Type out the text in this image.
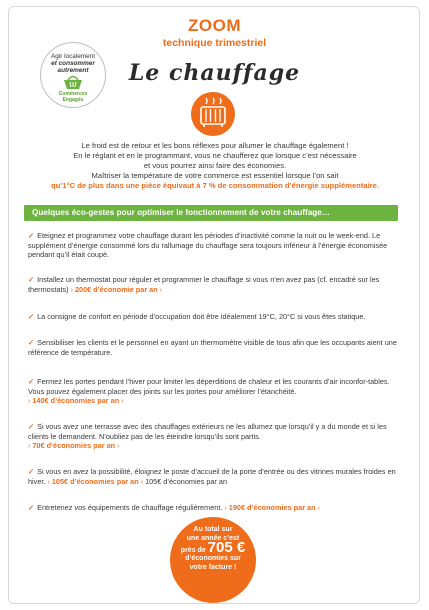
Agir localement
et consommer
autrement
Commerces
Engagés
ZOOM
technique trimestriel
Le chauffage
Le froid est de retour et les bons réflexes pour allumer le chauffage également !
En le réglant et en le programmant, vous ne chaufferez que lorsque c’est nécessaire
et vous pourrez ainsi faire des économies.
Maîtriser la température de votre commerce est essentiel lorsque l’on sait
qu’1°C de plus dans une pièce équivaut à 7 % de consommation d’énergie supplémentaire.
Quelques éco-gestes pour optimiser le fonctionnement de votre chauffage…
✓ Eteignez et programmez votre chauffage durant les périodes d’inactivité comme la nuit ou le week-end. Le supplément d’énergie consommé lors du rallumage du chauffage sera toujours inférieur à l’énergie économisée pendant qu’il était coupé.
✓ Installez un thermostat pour réguler et programmer le chauffage si vous n’en avez pas (cf. encadré sur les thermostats) › 200€ d’économie par an ‹
✓ La consigne de confort en période d’occupation doit être idéalement 19°C, 20°C si vous êtes statique.
✓ Sensibiliser les clients et le personnel en ayant un thermomètre visible de tous afin que les occupants aient une référence de température.
✓ Fermez les portes pendant l’hiver pour limiter les déperditions de chaleur et les courants d’air inconfor-tables. Vous pouvez également placer des joints sur les portes pour améliorer l’étanchéité.
› 140€ d’économies par an ‹
✓ Si vous avez une terrasse avec des chauffages extérieurs ne les allumez que lorsqu’il y a du monde et si les clients le demandent. N’oubliez pas de les éteindre lorsqu’ils sont partis.
› 70€ d’économies par an ‹
✓ Si vous en avez la possibilité, éloignez le poste d’accueil de la porte d’entrée ou des vitrines murales froides en hiver. › 105€ d’économies par an ‹ 105€ d’économies par an
✓ Entretenez vos équipements de chauffage régulièrement. › 190€ d’économies par an ‹
Au total sur
une année c’est
près de 705 €
d’économies sur
votre facture !
